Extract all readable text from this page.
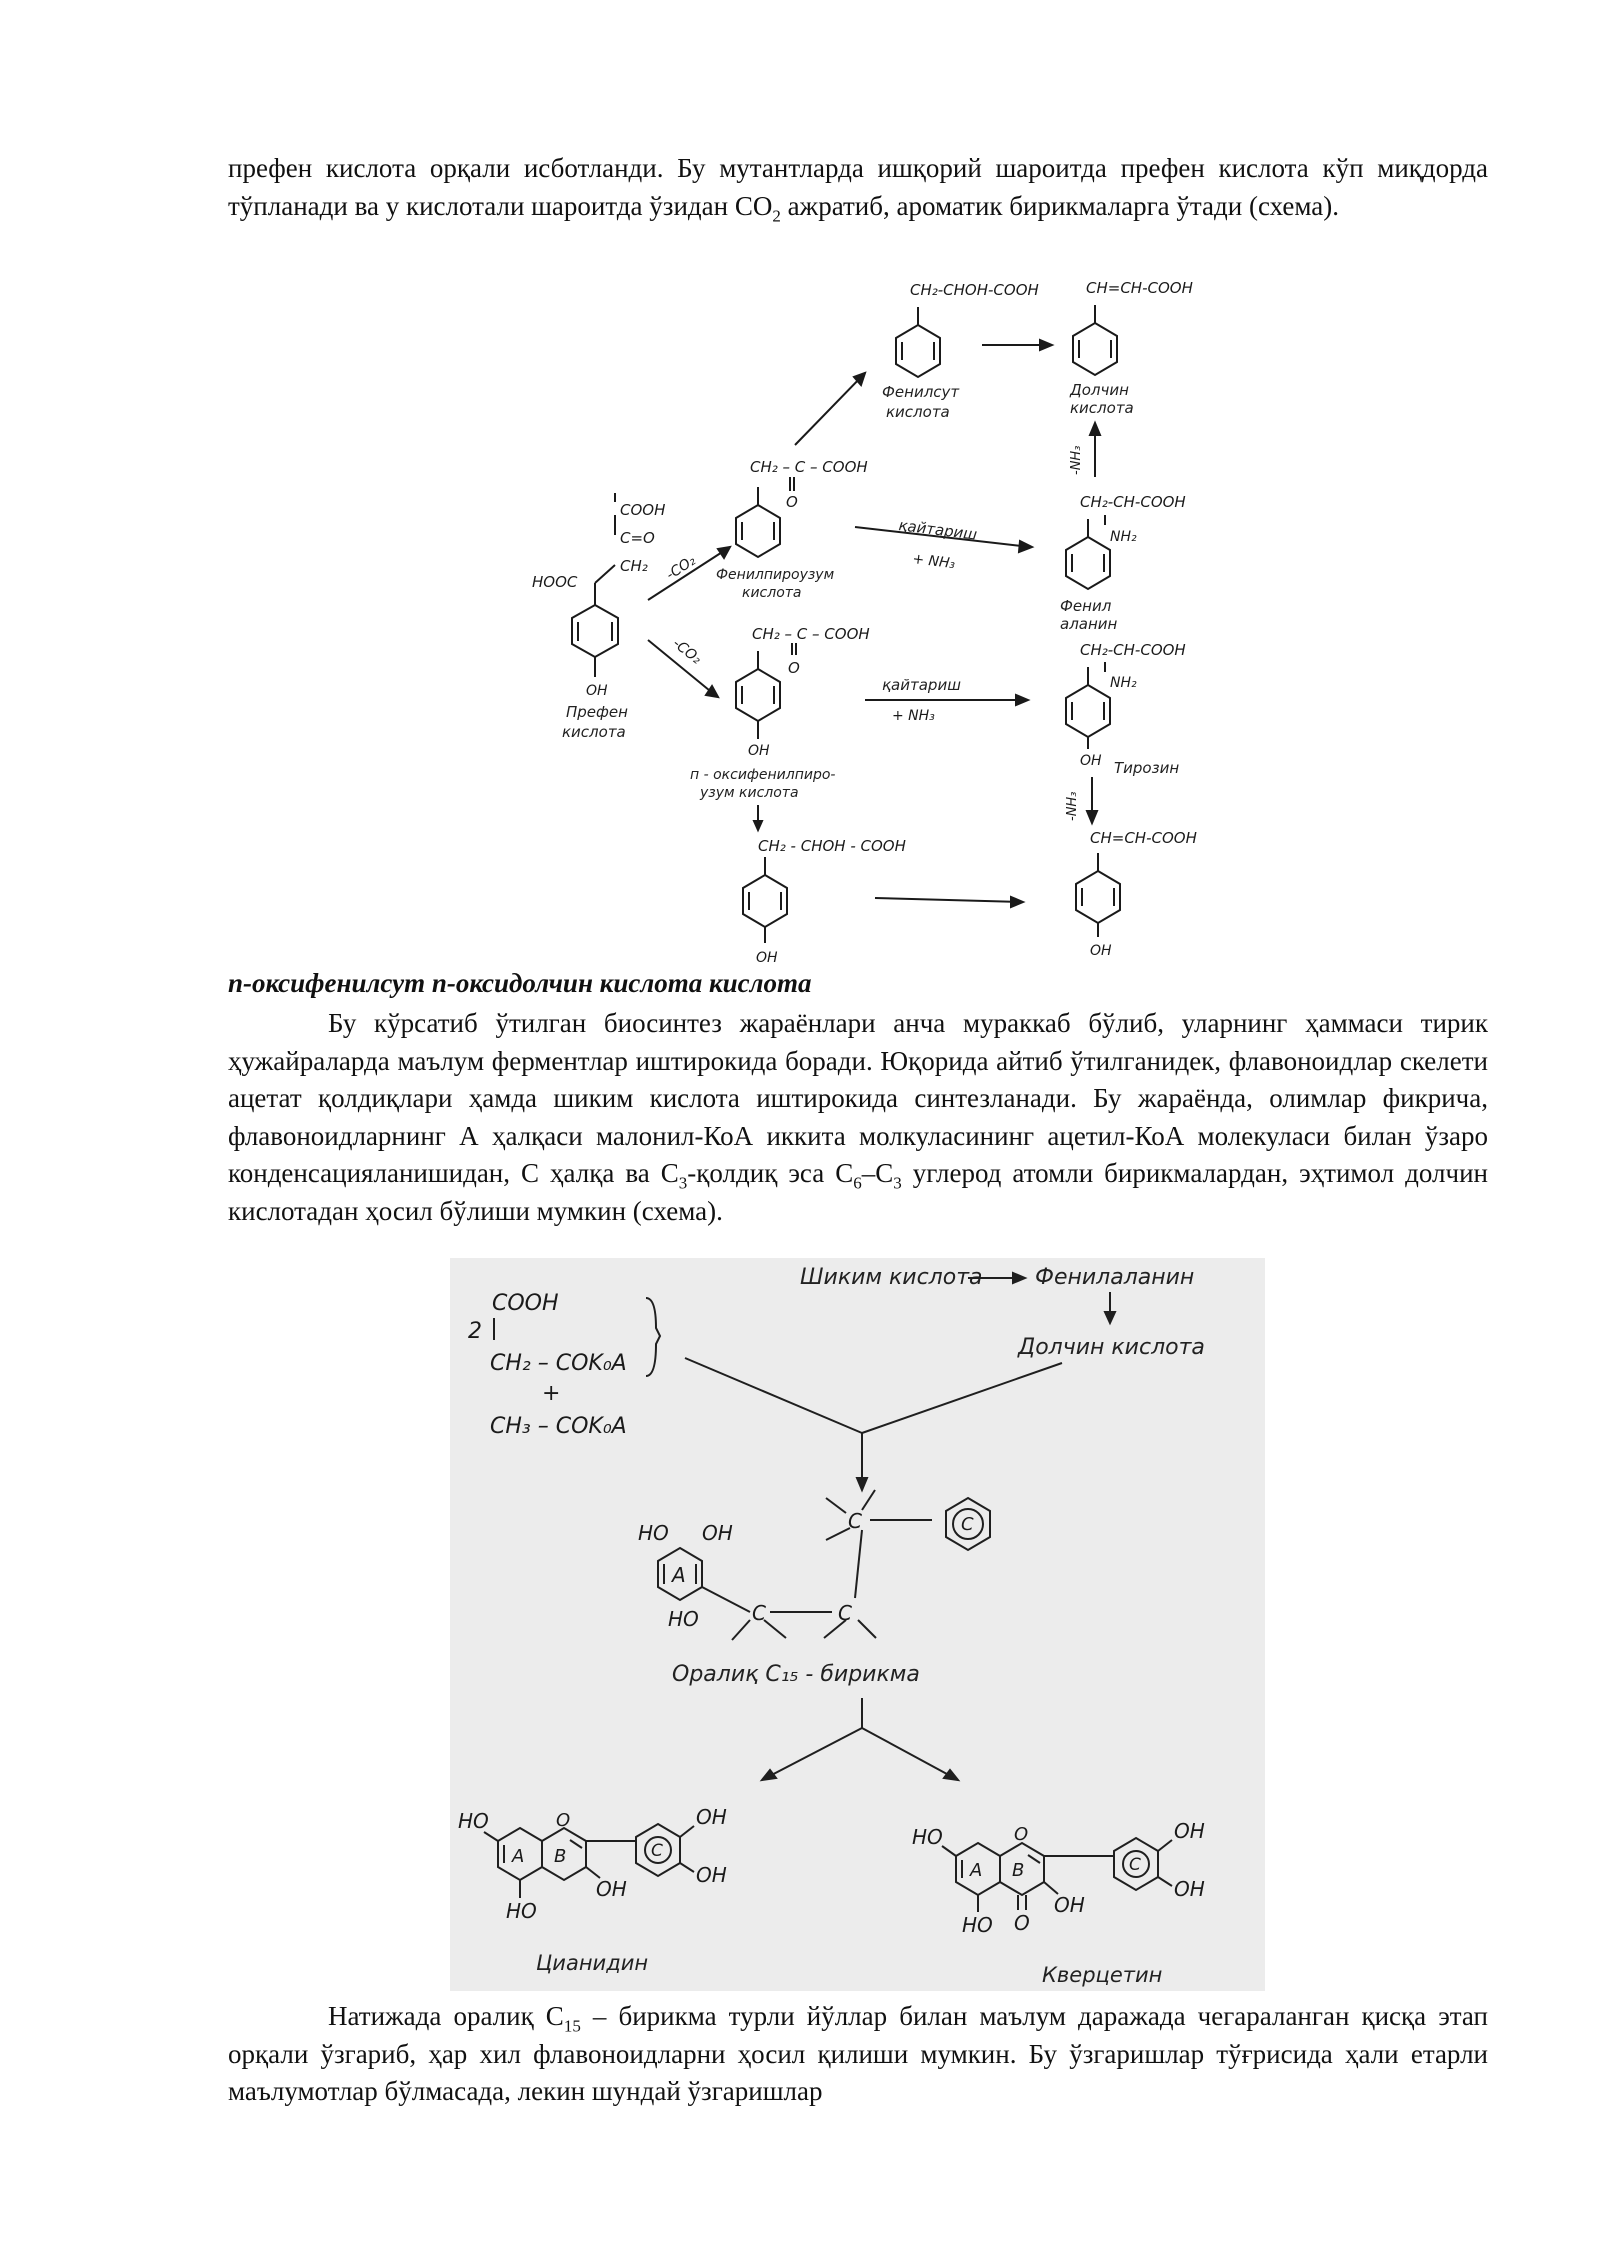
префен кислота орқали исботланди. Бу мутантларда ишқорий шароитда префен кислота кўп миқдорда тўпланади ва у кислотали шароитда ўзидан $CO_2$ ажратиб, ароматик бирикмаларга ўтади (схема).

COOH
C=O
CH₂
HOOC
OH
Префен
кислота
-CO₂
CH₂ – C – COOH
O
Фенилпироузум
кислота
CH₂-CHOH-COOH
Фенилсут
кислота
CH=CH-COOH
Долчин
кислота
-NH₃
қайтариш
+ NH₃
CH₂-CH-COOH
NH₂
Фенил
аланин
-CO₂
CH₂ – C – COOH
O
OH
п - оксифенилпиро-
узум кислота
қайтариш
+ NH₃
CH₂-CH-COOH
NH₂
OH Тирозин
-NH₃
CH₂ - CHOH - COOH
OH
CH=CH-COOH
OH
п-оксифенилсут п-оксидолчин кислота кислота

Бу кўрсатиб ўтилган биосинтез жараёнлари анча мураккаб бўлиб, уларнинг ҳаммаси тирик ҳужайраларда маълум ферментлар иштирокида боради. Юқорида айтиб ўтилганидек, флавоноидлар скелети ацетат қолдиқлари ҳамда шиким кислота иштирокида синтезланади. Бу жараёнда, олимлар фикрича, флавоноидларнинг А ҳалқаси малонил-КоА иккита молкуласининг ацетил-КоА молекуласи билан ўзаро конденсацияланишидан, С ҳалқа ва $C_3$-қолдиқ эса $C_6-C_3$ углерод атомли бирикмалардан, эҳтимол долчин кислотадан ҳосил бўлиши мумкин (схема).

COOH
2
CH₂ – COK₀A
+
CH₃ – COK₀A
Шиким кислота Фенилаланин
Долчин кислота
HO OH
A
HO	C	C
C	C
Оралиқ C₁₅ - бирикма
HO	O
A B	C
HO
OH
OH
OH
Цианидин
HO	O
A B	C
HO O
OH
OH
OH
Кверцетин

Натижада оралиқ $C_{15}$ – бирикма турли йўллар билан маълум даражада чегараланган қисқа этап орқали ўзгариб, ҳар хил флавоноидларни ҳосил қилиши мумкин. Бу ўзгаришлар тўғрисида ҳали етарли маълумотлар бўлмасада, лекин шундай ўзгаришлар
